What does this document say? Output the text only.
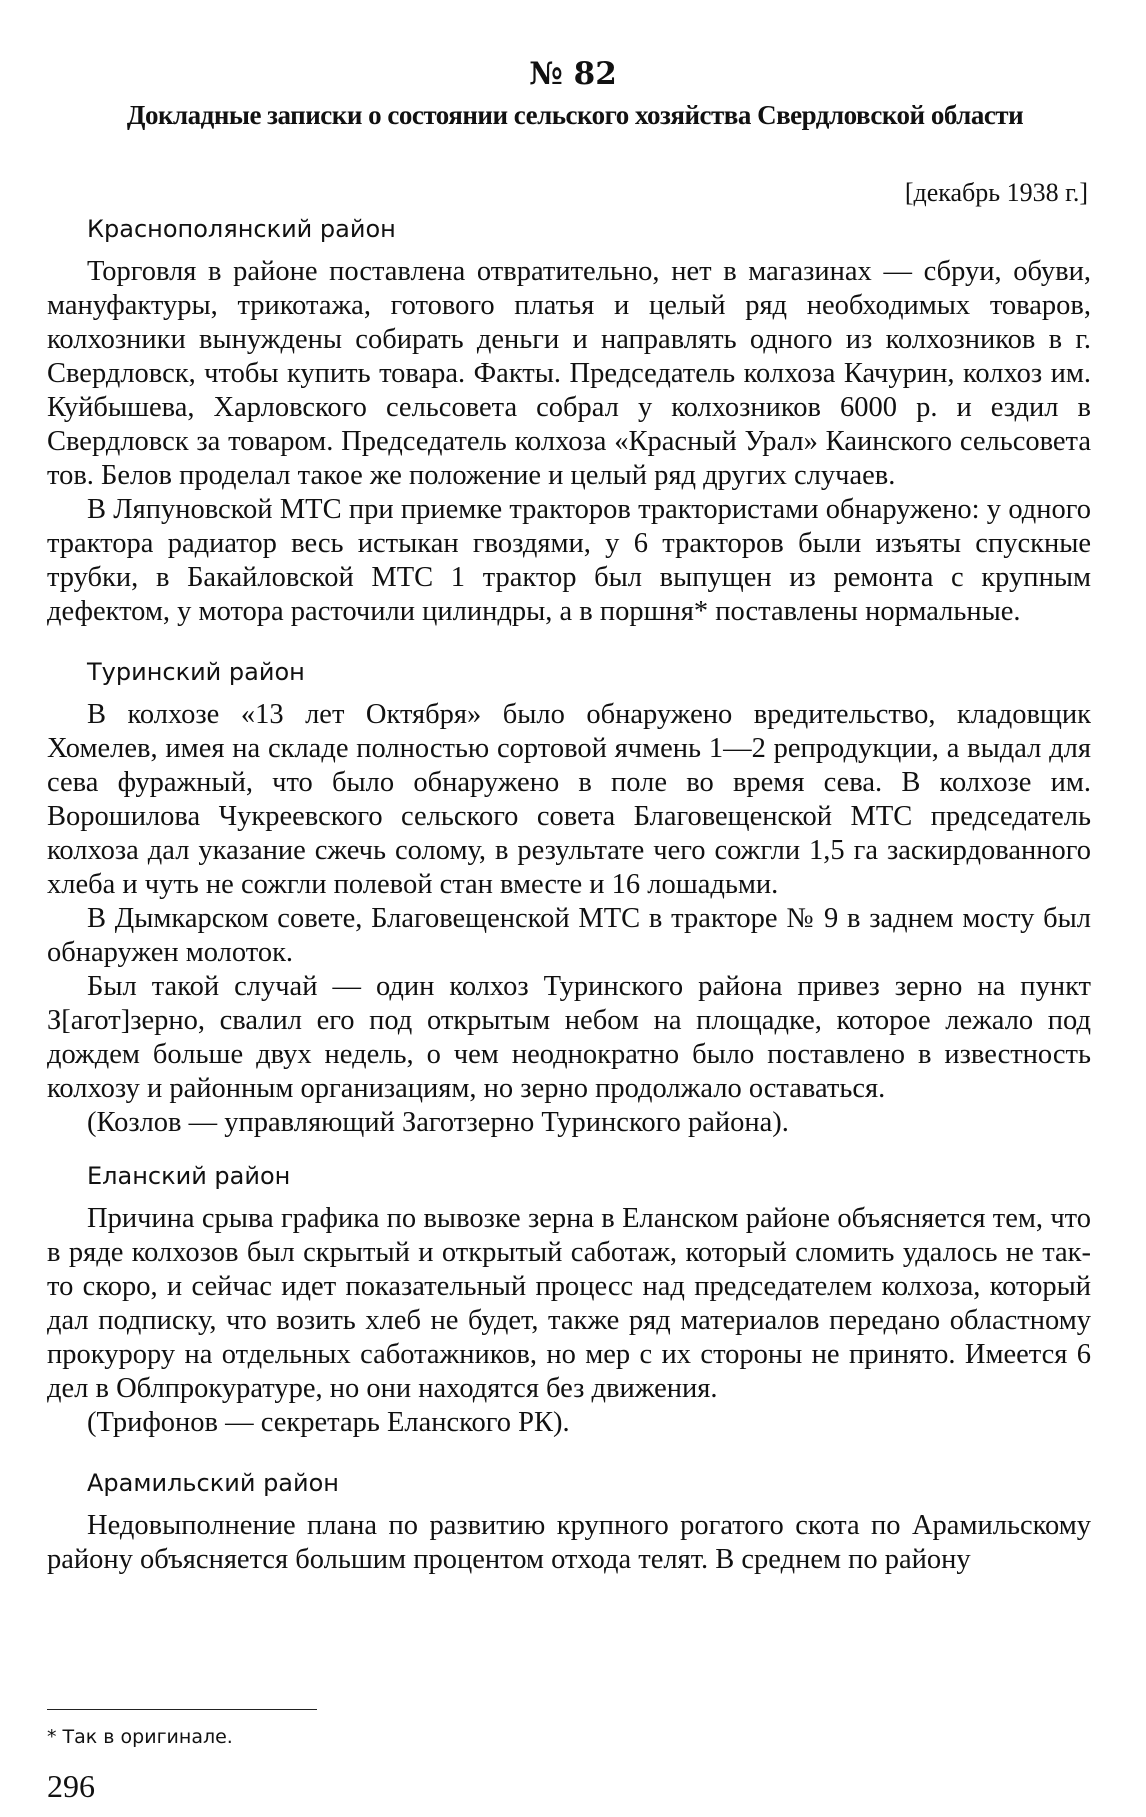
№ 82
Докладные записки о состоянии сельского хозяйства Свердловской области
[декабрь 1938 г.]

Краснополянский район

Торговля в районе поставлена отвратительно, нет в магазинах — сбруи, обуви, мануфактуры, трикотажа, готового платья и целый ряд необходимых товаров, колхозники вынуждены собирать деньги и направлять одного из колхозников в г. Свердловск, чтобы купить товара. Факты. Председатель колхоза Качурин, колхоз им. Куйбышева, Харловского сельсовета собрал у колхозников 6000 р. и ездил в Свердловск за товаром. Председатель колхоза «Красный Урал» Каинского сельсовета тов. Белов проделал такое же положение и целый ряд других случаев.

В Ляпуновской МТС при приемке тракторов трактористами обнаружено: у одного трактора радиатор весь истыкан гвоздями, у 6 тракторов были изъяты спускные трубки, в Бакайловской МТС 1 трактор был выпущен из ремонта с крупным дефектом, у мотора расточили цилиндры, а в поршня* поставлены нормальные.

Туринский район

В колхозе «13 лет Октября» было обнаружено вредительство, кладовщик Хомелев, имея на складе полностью сортовой ячмень 1—2 репродукции, а выдал для сева фуражный, что было обнаружено в поле во время сева. В колхозе им. Ворошилова Чукреевского сельского совета Благовещенской МТС председатель колхоза дал указание сжечь солому, в результате чего сожгли 1,5 га заскирдованного хлеба и чуть не сожгли полевой стан вместе и 16 лошадьми.

В Дымкарском совете, Благовещенской МТС в тракторе № 9 в заднем мосту был обнаружен молоток.

Был такой случай — один колхоз Туринского района привез зерно на пункт З[агот]зерно, свалил его под открытым небом на площадке, которое лежало под дождем больше двух недель, о чем неоднократно было поставлено в известность колхозу и районным организациям, но зерно продолжало оставаться.

(Козлов — управляющий Заготзерно Туринского района).

Еланский район

Причина срыва графика по вывозке зерна в Еланском районе объясняется тем, что в ряде колхозов был скрытый и открытый саботаж, который сломить удалось не так-то скоро, и сейчас идет показательный процесс над председателем колхоза, который дал подписку, что возить хлеб не будет, также ряд материалов передано областному прокурору на отдельных саботажников, но мер с их стороны не принято. Имеется 6 дел в Облпрокуратуре, но они находятся без движения.

(Трифонов — секретарь Еланского РК).

Арамильский район

Недовыполнение плана по развитию крупного рогатого скота по Арамильскому району объясняется большим процентом отхода телят. В среднем по району

* Так в оригинале.
296
